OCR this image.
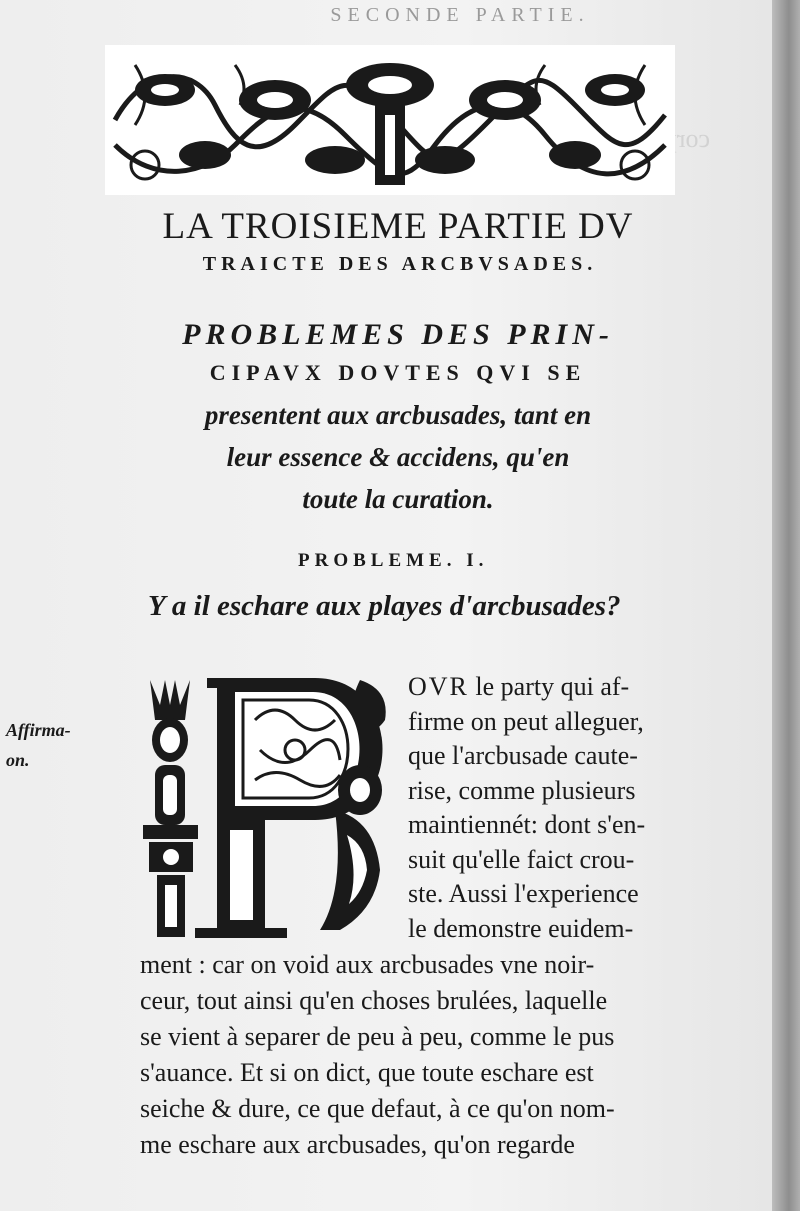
SECONDE PARTIE.
LA TROISIEME PARTIE DV
TRAICTE DES ARCBVSADES.
PROBLEMES DES PRIN-
CIPAVX DOVTES QVI SE
presentent aux arcbusades, tant en
leur essence & accidens, qu'en
toute la curation.
PROBLEME. I.
Y a il eschare aux playes d'arcbusades?
Affirma-
on.
OVR le party qui af-
firme on peut alleguer,
que l'arcbusade caute-
rise, comme plusieurs
maintiennét: dont s'en-
suit qu'elle faict crou-
ste. Aussi l'experience
le demonstre euidem-
ment : car on void aux arcbusades vne noir-
ceur, tout ainsi qu'en choses brulées, laquelle
se vient à separer de peu à peu, comme le pus
s'auance. Et si on dict, que toute eschare est
seiche & dure, ce que defaut, à ce qu'on nom-
me eschare aux arcbusades, qu'on regarde
